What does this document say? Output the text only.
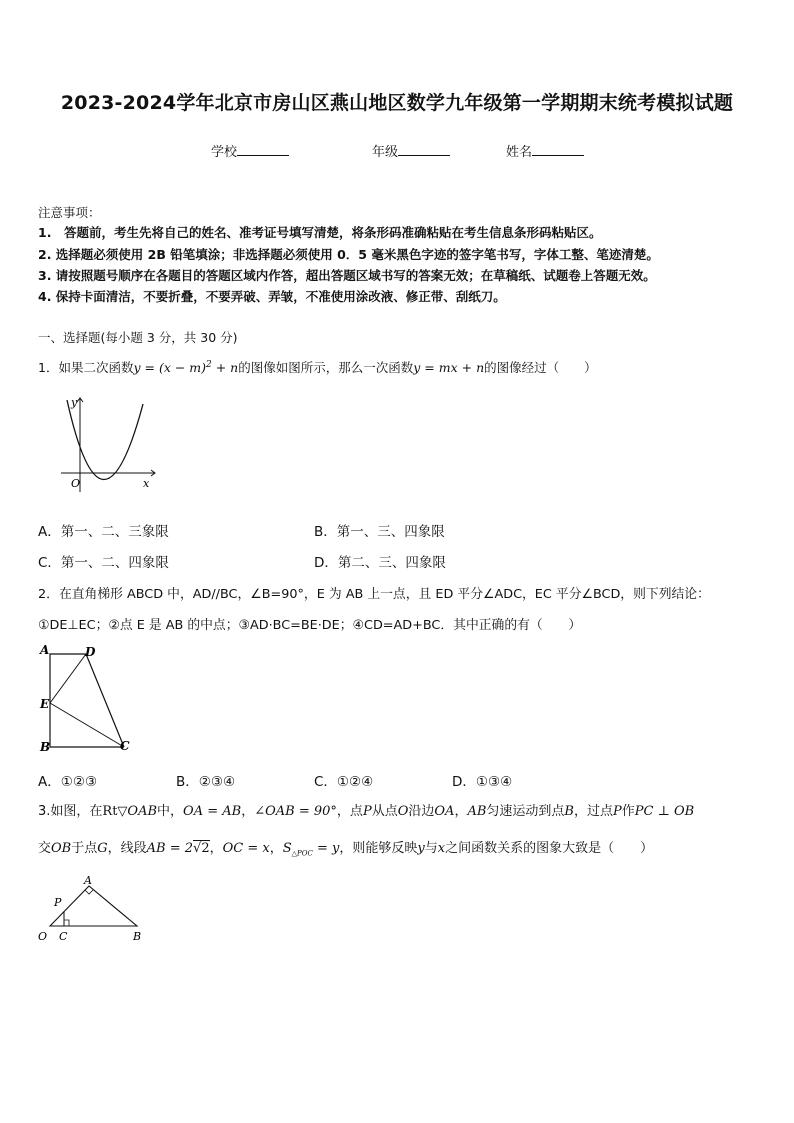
2023-2024学年北京市房山区燕山地区数学九年级第一学期期末统考模拟试题
学校	年级	姓名
注意事项：
1.　答题前，考生先将自己的姓名、准考证号填写清楚，将条形码准确粘贴在考生信息条形码粘贴区。
2. 选择题必须使用 2B 铅笔填涂；非选择题必须使用 0．5 毫米黑色字迹的签字笔书写，字体工整、笔迹清楚。
3. 请按照题号顺序在各题目的答题区域内作答，超出答题区域书写的答案无效；在草稿纸、试题卷上答题无效。
4. 保持卡面清洁，不要折叠，不要弄破、弄皱，不准使用涂改液、修正带、刮纸刀。
一、选择题(每小题 3 分，共 30 分)
1．如果二次函数$y = (x - m)^2 + n$的图像如图所示，那么一次函数y = mx + n的图像经过（　　）
y
x
O
A．第一、二、三象限	B．第一、三、四象限
C．第一、二、四象限	D．第二、三、四象限
2．在直角梯形 ABCD 中，AD//BC，∠B=90°，E 为 AB 上一点，且 ED 平分∠ADC，EC 平分∠BCD，则下列结论：
①DE⊥EC；②点 E 是 AB 的中点；③AD·BC=BE·DE；④CD=AD+BC．其中正确的有（　　）
A	D
E
B	C
A．①②③	B．②③④	C．①②④	D．①③④
3.如图，在Rt▽OAB中，OA = AB，∠OAB = 90°，点P从点O沿边OA，AB匀速运动到点B，过点P作PC ⊥ OB
交OB于点G，线段AB = 2√2，OC = x，$S_{\triangle POC} = y$，则能够反映y与x之间函数关系的图象大致是（　　）
A
P
O C	B
